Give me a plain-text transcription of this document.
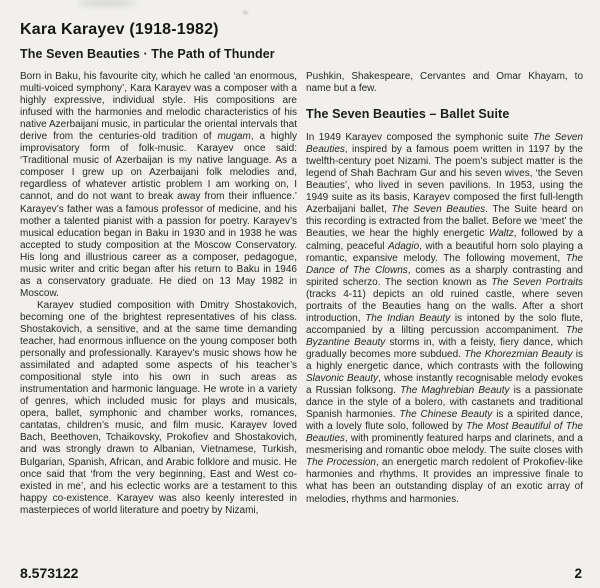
Kara Karayev (1918-1982)
The Seven Beauties · The Path of Thunder

Born in Baku, his favourite city, which he called ‘an enormous, multi-voiced symphony’, Kara Karayev was a composer with a highly expressive, individual style. His compositions are infused with the harmonies and melodic characteristics of his native Azerbaijani music, in particular the oriental intervals that derive from the centuries-old tradition of mugam, a highly improvisatory form of folk-music. Karayev once said: ‘Traditional music of Azerbaijan is my native language. As a composer I grew up on Azerbaijani folk melodies and, regardless of whatever artistic problem I am working on, I cannot, and do not want to break away from their influence.’ Karayev’s father was a famous professor of medicine, and his mother a talented pianist with a passion for poetry. Karayev’s musical education began in Baku in 1930 and in 1938 he was accepted to study composition at the Moscow Conservatory. His long and illustrious career as a composer, pedagogue, music writer and critic began after his return to Baku in 1946 as a conservatory graduate. He died on 13 May 1982 in Moscow.

Karayev studied composition with Dmitry Shostakovich, becoming one of the brightest representatives of his class. Shostakovich, a sensitive, and at the same time demanding teacher, had enormous influence on the young composer both personally and professionally. Karayev’s music shows how he assimilated and adapted some aspects of his teacher’s compositional style into his own in such areas as instrumentation and harmonic language. He wrote in a variety of genres, which included music for plays and musicals, opera, ballet, symphonic and chamber works, romances, cantatas, children’s music, and film music. Karayev loved Bach, Beethoven, Tchaikovsky, Prokofiev and Shostakovich, and was strongly drawn to Albanian, Vietnamese, Turkish, Bulgarian, Spanish, African, and Arabic folklore and music. He once said that ‘from the very beginning, East and West co-existed in me’, and his eclectic works are a testament to this happy co-existence. Karayev was also keenly interested in masterpieces of world literature and poetry by Nizami,

Pushkin, Shakespeare, Cervantes and Omar Khayam, to name but a few.

The Seven Beauties – Ballet Suite

In 1949 Karayev composed the symphonic suite The Seven Beauties, inspired by a famous poem written in 1197 by the twelfth-century poet Nizami. The poem’s subject matter is the legend of Shah Bachram Gur and his seven wives, ‘the Seven Beauties’, who lived in seven pavilions. In 1953, using the 1949 suite as its basis, Karayev composed the first full-length Azerbaijani ballet, The Seven Beauties. The Suite heard on this recording is extracted from the ballet. Before we ‘meet’ the Beauties, we hear the highly energetic Waltz, followed by a calming, peaceful Adagio, with a beautiful horn solo playing a romantic, expansive melody. The following movement, The Dance of The Clowns, comes as a sharply contrasting and spirited scherzo. The section known as The Seven Portraits (tracks 4-11) depicts an old ruined castle, where seven portraits of the Beauties hang on the walls. After a short introduction, The Indian Beauty is intoned by the solo flute, accompanied by a lilting percussion accompaniment. The Byzantine Beauty storms in, with a feisty, fiery dance, which gradually becomes more subdued. The Khorezmian Beauty is a highly energetic dance, which contrasts with the following Slavonic Beauty, whose instantly recognisable melody evokes a Russian folksong. The Maghrebian Beauty is a passionate dance in the style of a bolero, with castanets and traditional Spanish harmonies. The Chinese Beauty is a spirited dance, with a lovely flute solo, followed by The Most Beautiful of The Beauties, with prominently featured harps and clarinets, and a mesmerising and romantic oboe melody. The suite closes with The Procession, an energetic march redolent of Prokofiev-like harmonies and rhythms. It provides an impressive finale to what has been an outstanding display of an exotic array of melodies, rhythms and harmonies.

8.573122	2
